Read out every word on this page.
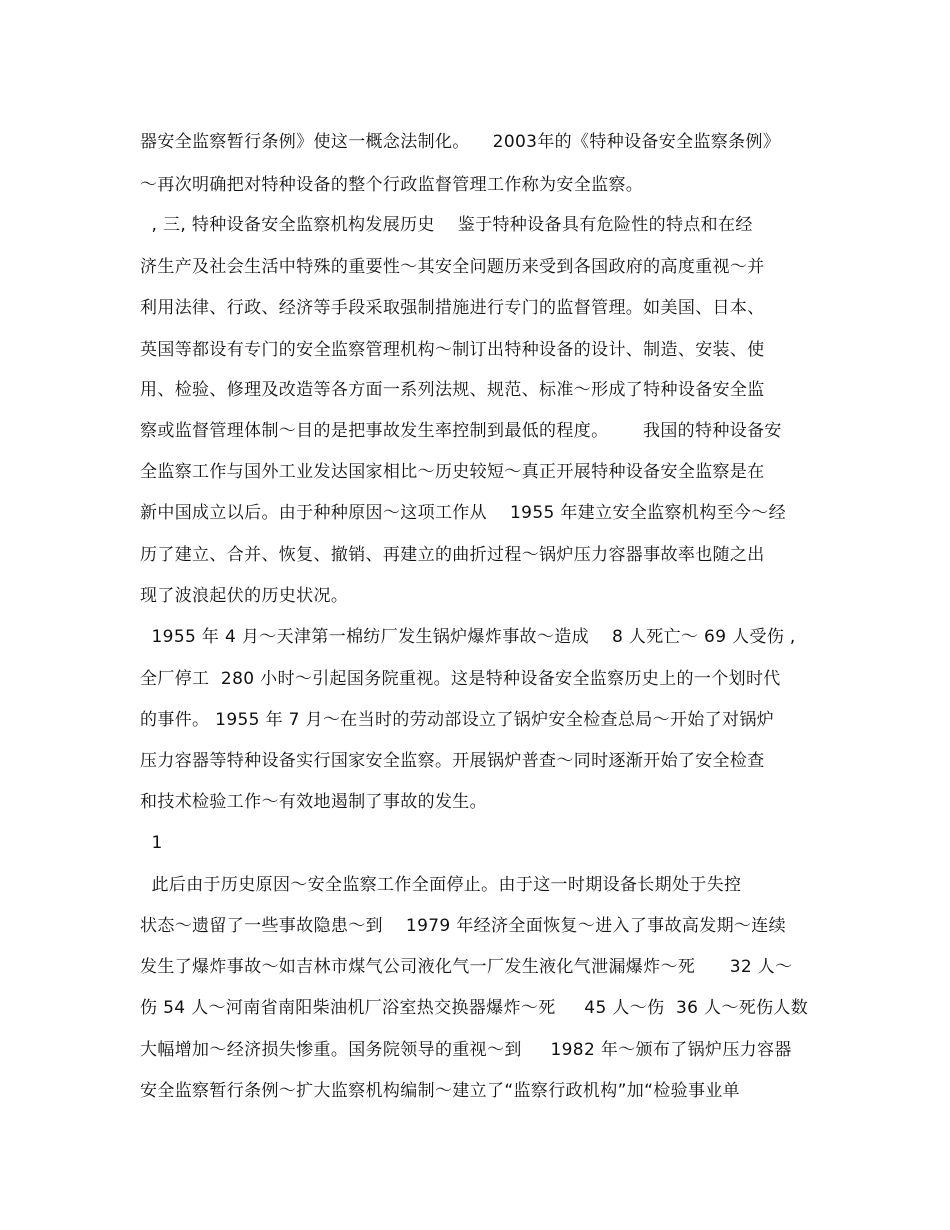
器安全监察暂行条例》使这一概念法制化。    2003年的《特种设备安全监察条例》
～再次明确把对特种设备的整个行政监督管理工作称为安全监察。
, 三, 特种设备安全监察机构发展历史    鉴于特种设备具有危险性的特点和在经
济生产及社会生活中特殊的重要性～其安全问题历来受到各国政府的高度重视～并
利用法律、行政、经济等手段采取强制措施进行专门的监督管理。如美国、日本、
英国等都设有专门的安全监察管理机构～制订出特种设备的设计、制造、安装、使
用、检验、修理及改造等各方面一系列法规、规范、标准～形成了特种设备安全监
察或监督管理体制～目的是把事故发生率控制到最低的程度。      我国的特种设备安
全监察工作与国外工业发达国家相比～历史较短～真正开展特种设备安全监察是在
新中国成立以后。由于种种原因～这项工作从    1955 年建立安全监察机构至今～经
历了建立、合并、恢复、撤销、再建立的曲折过程～锅炉压力容器事故率也随之出
现了波浪起伏的历史状况。
1955 年 4 月～天津第一棉纺厂发生锅炉爆炸事故～造成    8 人死亡～ 69 人受伤 ,
全厂停工  280 小时～引起国务院重视。这是特种设备安全监察历史上的一个划时代
的事件。 1955 年 7 月～在当时的劳动部设立了锅炉安全检查总局～开始了对锅炉
压力容器等特种设备实行国家安全监察。开展锅炉普查～同时逐渐开始了安全检查
和技术检验工作～有效地遏制了事故的发生。
1
此后由于历史原因～安全监察工作全面停止。由于这一时期设备长期处于失控
状态～遗留了一些事故隐患～到    1979 年经济全面恢复～进入了事故高发期～连续
发生了爆炸事故～如吉林市煤气公司液化气一厂发生液化气泄漏爆炸～死      32 人～
伤 54 人～河南省南阳柴油机厂浴室热交换器爆炸～死     45 人～伤  36 人～死伤人数
大幅增加～经济损失惨重。国务院领导的重视～到     1982 年～颁布了锅炉压力容器
安全监察暂行条例～扩大监察机构编制～建立了“监察行政机构”加“检验事业单
